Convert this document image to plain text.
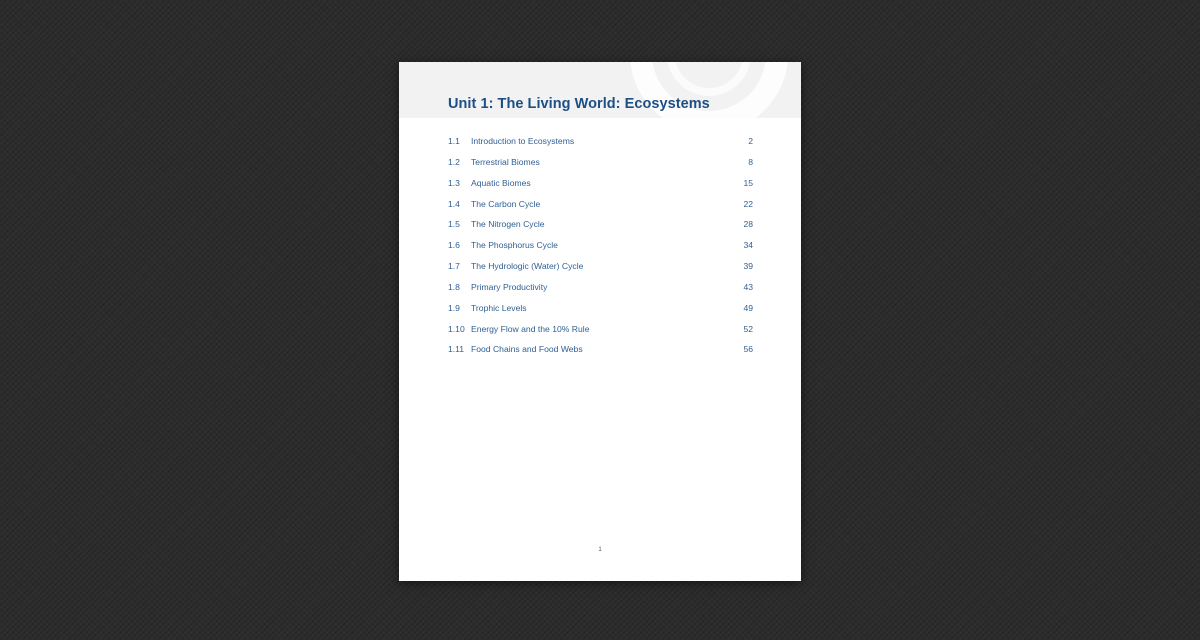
Unit 1: The Living World: Ecosystems
1.1 Introduction to Ecosystems	2
1.2 Terrestrial Biomes	8
1.3 Aquatic Biomes	15
1.4 The Carbon Cycle	22
1.5 The Nitrogen Cycle	28
1.6 The Phosphorus Cycle	34
1.7 The Hydrologic (Water) Cycle	39
1.8 Primary Productivity	43
1.9 Trophic Levels	49
1.10 Energy Flow and the 10% Rule	52
1.11 Food Chains and Food Webs	56
1
